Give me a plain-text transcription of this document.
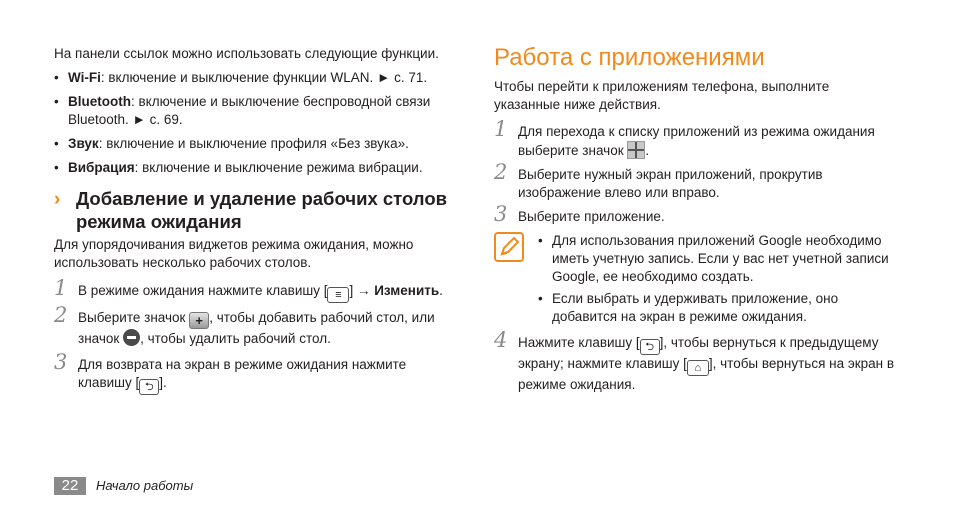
На панели ссылок можно использовать следующие функции.

• Wi-Fi: включение и выключение функции WLAN. ► с. 71.
• Bluetooth: включение и выключение беспроводной связи Bluetooth. ► с. 69.
• Звук: включение и выключение профиля «Без звука».
• Вибрация: включение и выключение режима вибрации.
› Добавление и удаление рабочих столов режима ожидания

Для упорядочивания виджетов режима ожидания, можно использовать несколько рабочих столов.

1 В режиме ожидания нажмите клавишу [ ≡ ] → Изменить.
2 Выберите значок + , чтобы добавить рабочий стол, или значок , чтобы удалить рабочий стол.
3 Для возврата на экран в режиме ожидания нажмите клавишу [ ⮌ ].
Работа с приложениями

Чтобы перейти к приложениям телефона, выполните указанные ниже действия.

1 Для перехода к списку приложений из режима ожидания выберите значок .
2 Выберите нужный экран приложений, прокрутив изображение влево или вправо.
3 Выберите приложение.
• Для использования приложений Google необходимо иметь учетную запись. Если у вас нет учетной записи Google, ее необходимо создать.
• Если выбрать и удерживать приложение, оно добавится на экран в режиме ожидания.
4 Нажмите клавишу [ ⮌ ], чтобы вернуться к предыдущему экрану; нажмите клавишу [ ⌂ ], чтобы вернуться на экран в режиме ожидания.
22	Начало работы
